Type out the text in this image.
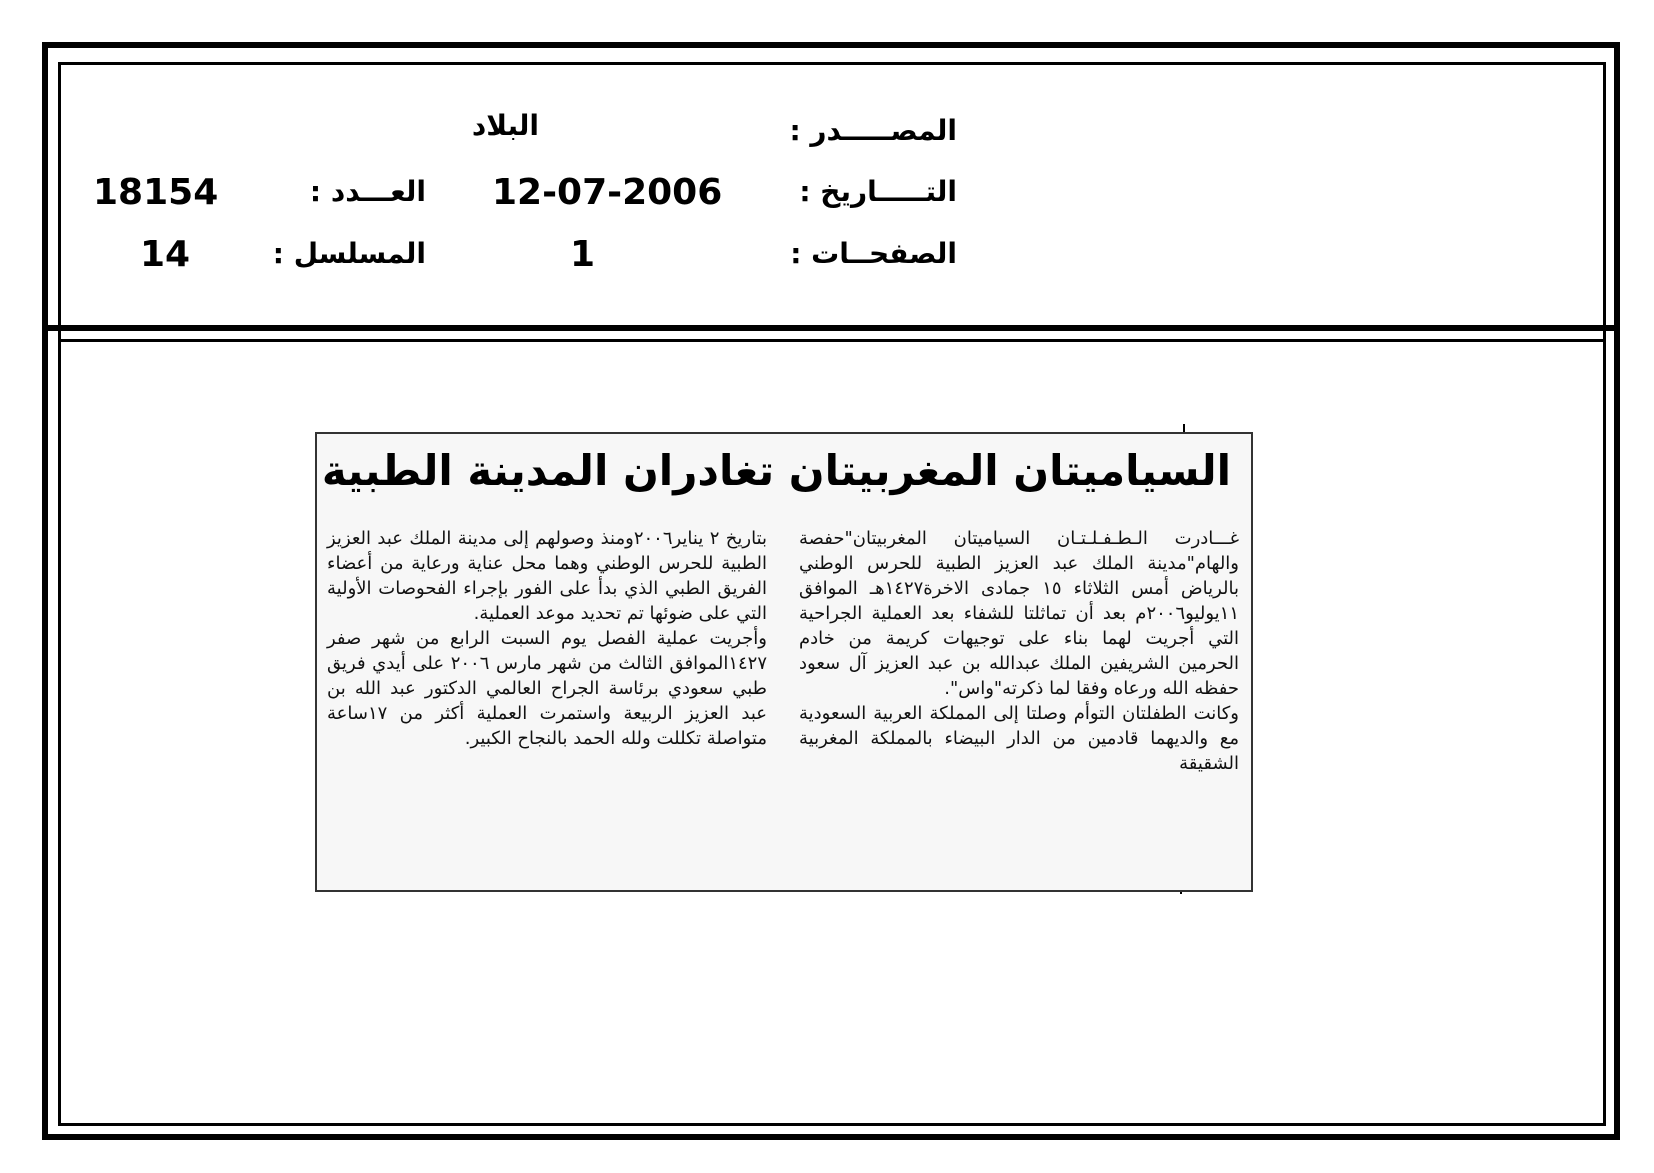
المصـــــدر :
البلاد
التـــــاريخ :
12-07-2006
العـــدد :
18154
الصفحــات :
1
المسلسل :
14
السياميتان المغربيتان تغادران المدينة الطبية

غـــادرت الـطـفـلـتـان السياميتان المغربيتان"حفصة والهام"مدينة الملك عبد العزيز الطبية للحرس الوطني بالرياض أمس الثلاثاء ١٥ جمادى الاخرة١٤٢٧هـ الموافق ١١يوليو٢٠٠٦م بعد أن تماثلتا للشفاء بعد العملية الجراحية التي أجريت لهما بناء على توجيهات كريمة من خادم الحرمين الشريفين الملك عبدالله بن عبد العزيز آل سعود حفظه الله ورعاه وفقا لما ذكرته"واس".

وكانت الطفلتان التوأم وصلتا إلى المملكة العربية السعودية مع والديهما قادمين من الدار البيضاء بالمملكة المغربية الشقيقة

بتاريخ ٢ يناير٢٠٠٦ومنذ وصولهم إلى مدينة الملك عبد العزيز الطبية للحرس الوطني وهما محل عناية ورعاية من أعضاء الفريق الطبي الذي بدأ على الفور بإجراء الفحوصات الأولية التي على ضوئها تم تحديد موعد العملية.

وأجريت عملية الفصل يوم السبت الرابع من شهر صفر ١٤٢٧الموافق الثالث من شهر مارس ٢٠٠٦ على أيدي فريق طبي سعودي برئاسة الجراح العالمي الدكتور عبد الله بن عبد العزيز الربيعة واستمرت العملية أكثر من ١٧ساعة متواصلة تكللت ولله الحمد بالنجاح الكبير.
